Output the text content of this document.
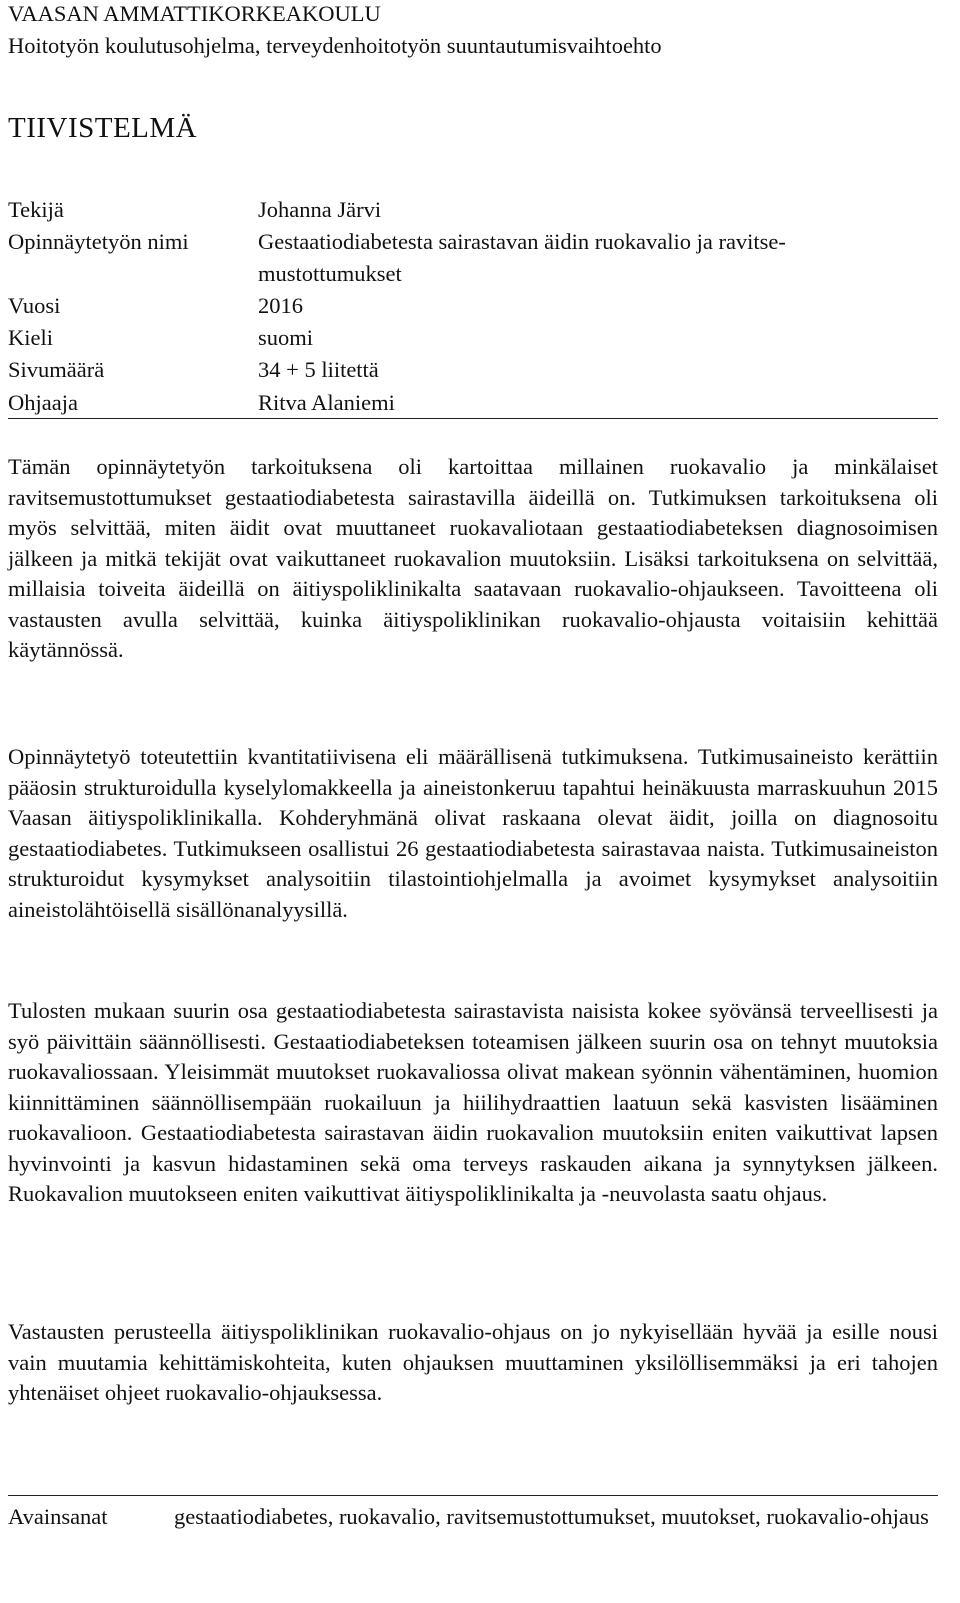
VAASAN AMMATTIKORKEAKOULU
Hoitotyön koulutusohjelma, terveydenhoitotyön suuntautumisvaihtoehto
TIIVISTELMÄ
Tekijä	Johanna Järvi
Opinnäytetyön nimi	Gestaatiodiabetesta sairastavan äidin ruokavalio ja ravitse-
mustottumukset
Vuosi	2016
Kieli	suomi
Sivumäärä	34 + 5 liitettä
Ohjaaja	Ritva Alaniemi

Tämän opinnäytetyön tarkoituksena oli kartoittaa millainen ruokavalio ja minkälaiset ravitsemustottumukset gestaatiodiabetesta sairastavilla äideillä on. Tutkimuksen tarkoituksena oli myös selvittää, miten äidit ovat muuttaneet ruokavaliotaan gestaatiodiabeteksen diagnosoimisen jälkeen ja mitkä tekijät ovat vaikuttaneet ruokavalion muutoksiin. Lisäksi tarkoituksena on selvittää, millaisia toiveita äideillä on äitiyspoliklinikalta saatavaan ruokavalio-ohjaukseen. Tavoitteena oli vastausten avulla selvittää, kuinka äitiyspoliklinikan ruokavalio-ohjausta voitaisiin kehittää käytännössä.

Opinnäytetyö toteutettiin kvantitatiivisena eli määrällisenä tutkimuksena. Tutkimusaineisto kerättiin pääosin strukturoidulla kyselylomakkeella ja aineistonkeruu tapahtui heinäkuusta marraskuuhun 2015 Vaasan äitiyspoliklinikalla. Kohderyhmänä olivat raskaana olevat äidit, joilla on diagnosoitu gestaatiodiabetes. Tutkimukseen osallistui 26 gestaatiodiabetesta sairastavaa naista. Tutkimusaineiston strukturoidut kysymykset analysoitiin tilastointiohjelmalla ja avoimet kysymykset analysoitiin aineistolähtöisellä sisällönanalyysillä.

Tulosten mukaan suurin osa gestaatiodiabetesta sairastavista naisista kokee syövänsä terveellisesti ja syö päivittäin säännöllisesti. Gestaatiodiabeteksen toteamisen jälkeen suurin osa on tehnyt muutoksia ruokavaliossaan. Yleisimmät muutokset ruokavaliossa olivat makean syönnin vähentäminen, huomion kiinnittäminen säännöllisempään ruokailuun ja hiilihydraattien laatuun sekä kasvisten lisääminen ruokavalioon. Gestaatiodiabetesta sairastavan äidin ruokavalion muutoksiin eniten vaikuttivat lapsen hyvinvointi ja kasvun hidastaminen sekä oma terveys raskauden aikana ja synnytyksen jälkeen. Ruokavalion muutokseen eniten vaikuttivat äitiyspoliklinikalta ja -neuvolasta saatu ohjaus.

Vastausten perusteella äitiyspoliklinikan ruokavalio-ohjaus on jo nykyisellään hyvää ja esille nousi vain muutamia kehittämiskohteita, kuten ohjauksen muuttaminen yksilöllisemmäksi ja eri tahojen yhtenäiset ohjeet ruokavalio-ohjauksessa.

Avainsanat	gestaatiodiabetes, ruokavalio, ravitsemustottumukset, muutokset, ruokavalio-ohjaus
